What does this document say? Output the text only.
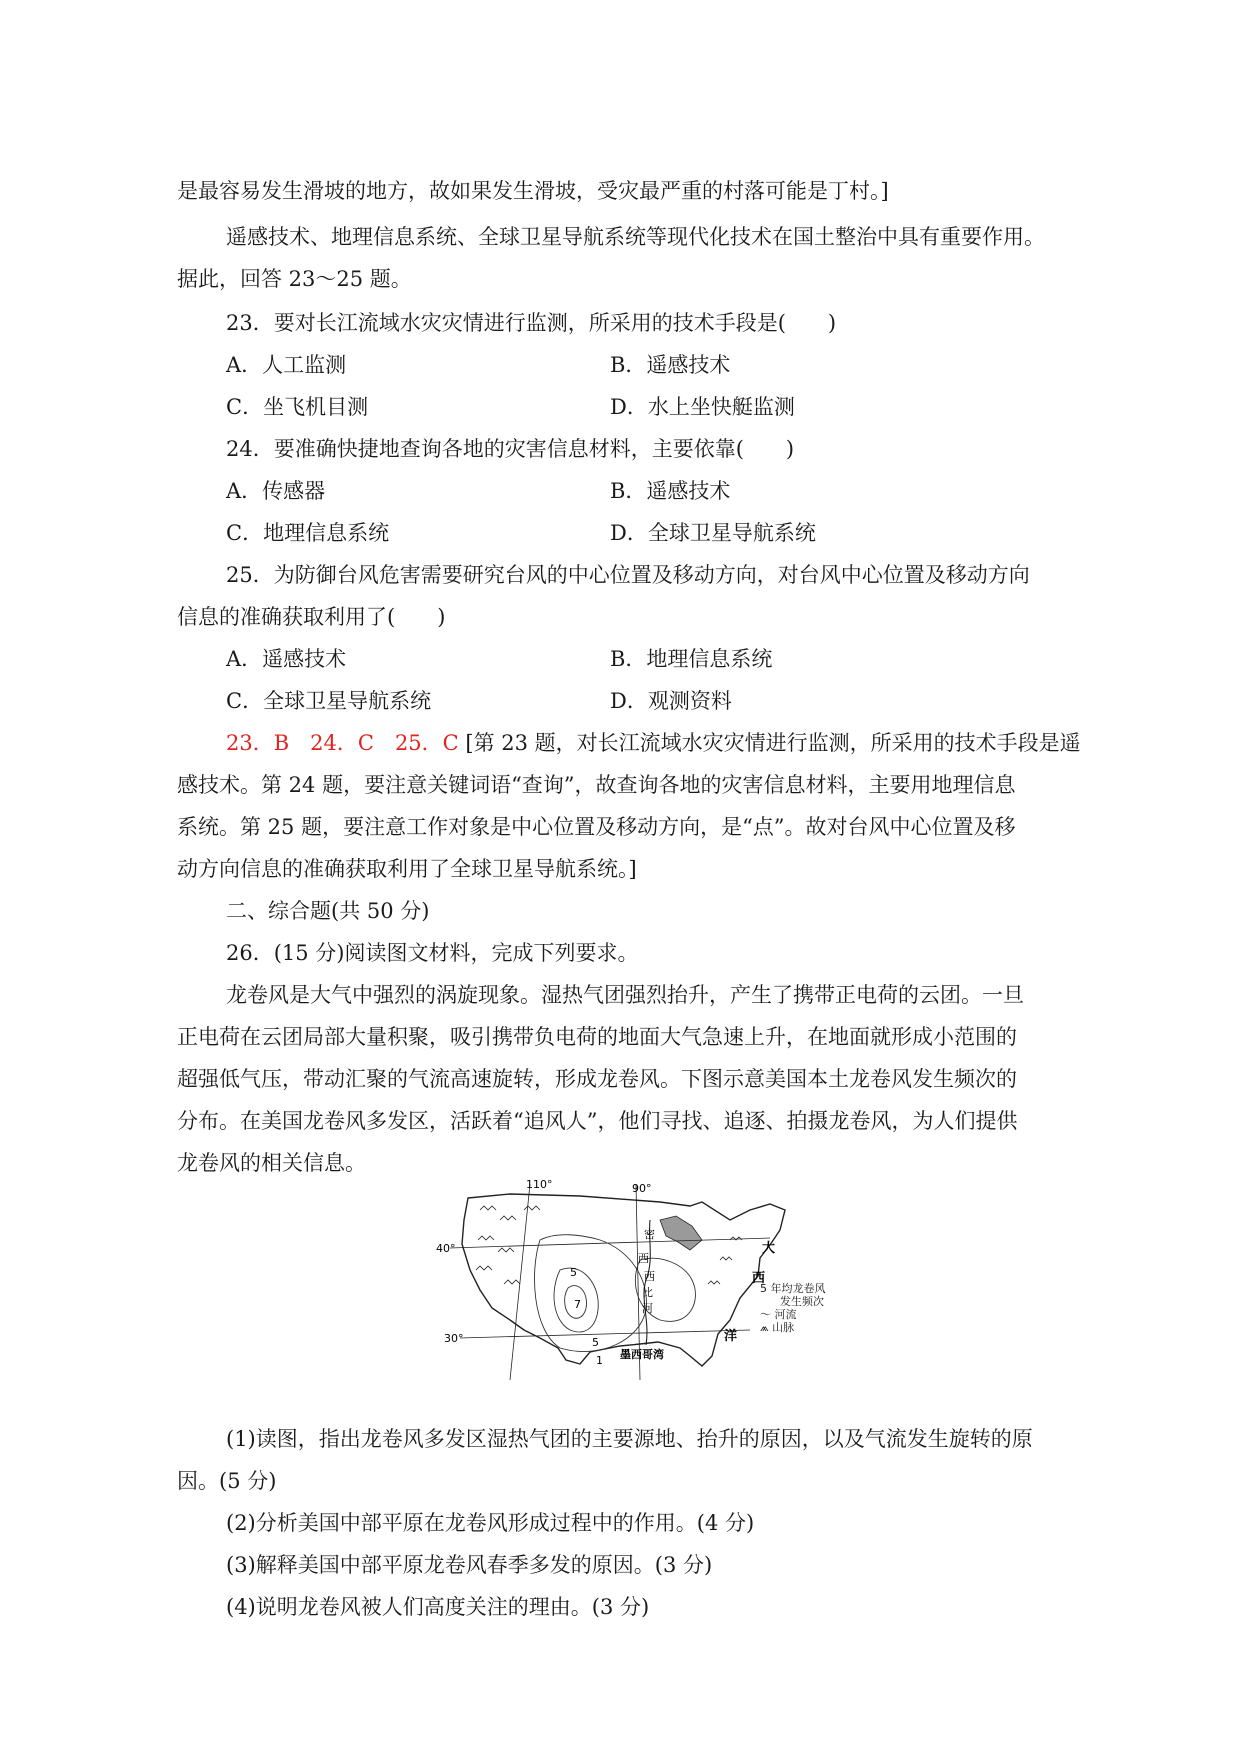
是最容易发生滑坡的地方，故如果发生滑坡，受灾最严重的村落可能是丁村。]
遥感技术、地理信息系统、全球卫星导航系统等现代化技术在国土整治中具有重要作用。
据此，回答 23～25 题。
23．要对长江流域水灾灾情进行监测，所采用的技术手段是(　　)
A．人工监测	B．遥感技术
C．坐飞机目测	D．水上坐快艇监测
24．要准确快捷地查询各地的灾害信息材料，主要依靠(　　)
A．传感器	B．遥感技术
C．地理信息系统	D．全球卫星导航系统
25．为防御台风危害需要研究台风的中心位置及移动方向，对台风中心位置及移动方向
信息的准确获取利用了(　　)
A．遥感技术	B．地理信息系统
C．全球卫星导航系统	D．观测资料
23．B　24．C　25．C [第 23 题，对长江流域水灾灾情进行监测，所采用的技术手段是遥
感技术。第 24 题，要注意关键词语“查询”，故查询各地的灾害信息材料，主要用地理信息
系统。第 25 题，要注意工作对象是中心位置及移动方向，是“点”。故对台风中心位置及移
动方向信息的准确获取利用了全球卫星导航系统。]
二、综合题(共 50 分)
26．(15 分)阅读图文材料，完成下列要求。
龙卷风是大气中强烈的涡旋现象。湿热气团强烈抬升，产生了携带正电荷的云团。一旦
正电荷在云团局部大量积聚，吸引携带负电荷的地面大气急速上升，在地面就形成小范围的
超强低气压，带动汇聚的气流高速旋转，形成龙卷风。下图示意美国本土龙卷风发生频次的
分布。在美国龙卷风多发区，活跃着“追风人”，他们寻找、追逐、拍摄龙卷风，为人们提供
龙卷风的相关信息。
110°	90°
40°
30°
密
西
西
比
河
大
西
洋
墨西哥湾
5
7
5
1
5 年均龙卷风
发生频次
～ 河流
⩕ 山脉
(1)读图，指出龙卷风多发区湿热气团的主要源地、抬升的原因，以及气流发生旋转的原
因。(5 分)
(2)分析美国中部平原在龙卷风形成过程中的作用。(4 分)
(3)解释美国中部平原龙卷风春季多发的原因。(3 分)
(4)说明龙卷风被人们高度关注的理由。(3 分)
